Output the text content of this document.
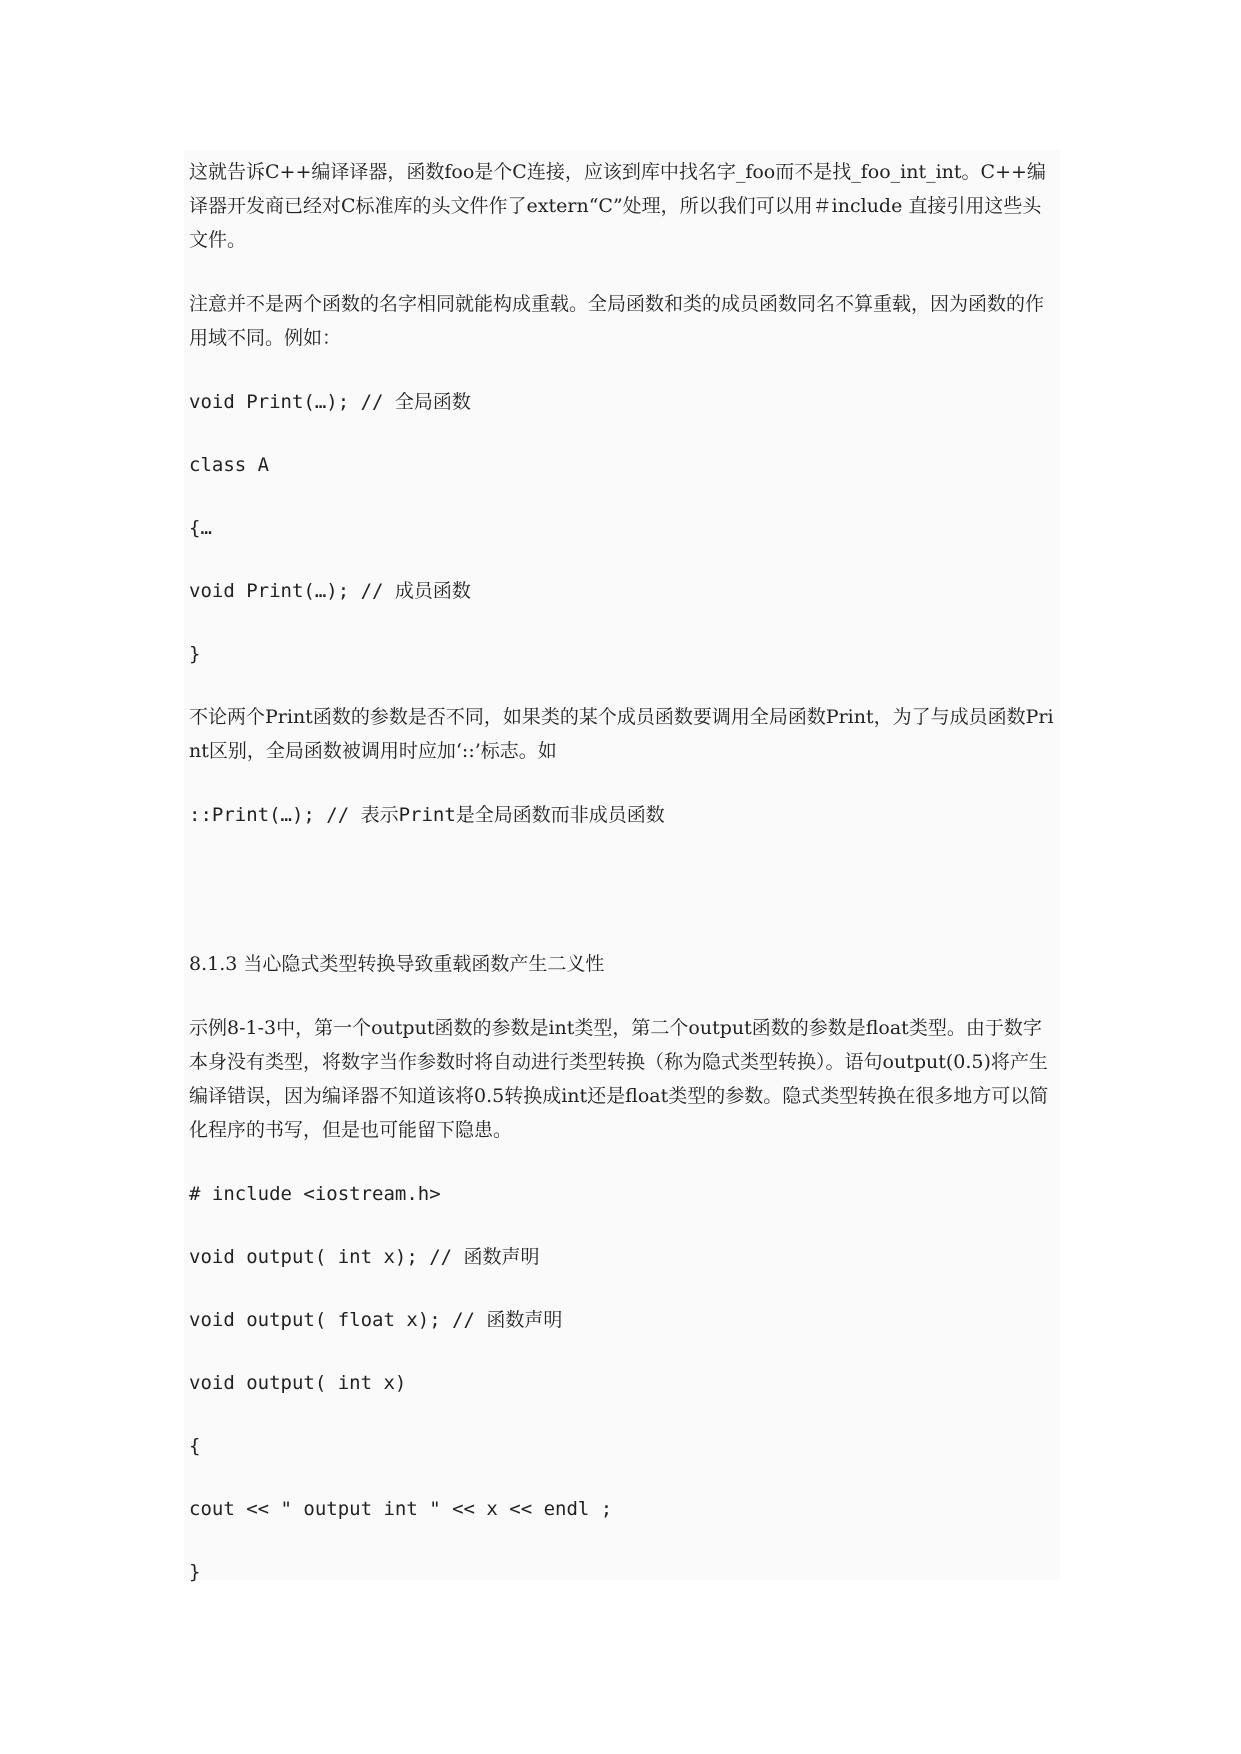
这就告诉C++编译译器，函数foo是个C连接，应该到库中找名字_foo而不是找_foo_int_int。C++编译器开发商已经对C标准库的头文件作了extern“C”处理，所以我们可以用＃include 直接引用这些头文件。
注意并不是两个函数的名字相同就能构成重载。全局函数和类的成员函数同名不算重载，因为函数的作用域不同。例如：
void Print(…); // 全局函数
class A
{…
void Print(…); // 成员函数
}
不论两个Print函数的参数是否不同，如果类的某个成员函数要调用全局函数Print，为了与成员函数Print区别，全局函数被调用时应加‘::’标志。如
::Print(…); // 表示Print是全局函数而非成员函数
8.1.3 当心隐式类型转换导致重载函数产生二义性
示例8-1-3中，第一个output函数的参数是int类型，第二个output函数的参数是float类型。由于数字本身没有类型，将数字当作参数时将自动进行类型转换（称为隐式类型转换）。语句output(0.5)将产生编译错误，因为编译器不知道该将0.5转换成int还是float类型的参数。隐式类型转换在很多地方可以简化程序的书写，但是也可能留下隐患。
# include <iostream.h>
void output( int x); // 函数声明
void output( float x); // 函数声明
void output( int x)
{
cout << " output int " << x << endl ;
}
